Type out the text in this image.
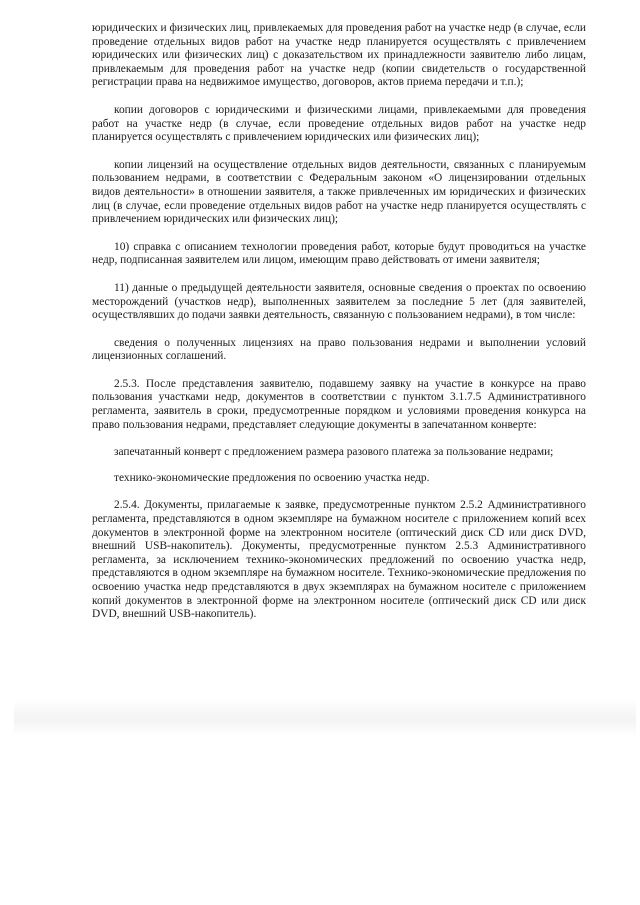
юридических и физических лиц, привлекаемых для проведения работ на участке недр (в случае, если проведение отдельных видов работ на участке недр планируется осуществлять с привлечением юридических или физических лиц) с доказательством их принадлежности заявителю либо лицам, привлекаемым для проведения работ на участке недр (копии свидетельств о государственной регистрации права на недвижимое имущество, договоров, актов приема передачи и т.п.);

копии договоров с юридическими и физическими лицами, привлекаемыми для проведения работ на участке недр (в случае, если проведение отдельных видов работ на участке недр планируется осуществлять с привлечением юридических или физических лиц);

копии лицензий на осуществление отдельных видов деятельности, связанных с планируемым пользованием недрами, в соответствии с Федеральным законом «О лицензировании отдельных видов деятельности» в отношении заявителя, а также привлеченных им юридических и физических лиц (в случае, если проведение отдельных видов работ на участке недр планируется осуществлять с привлечением юридических или физических лиц);

10) справка с описанием технологии проведения работ, которые будут проводиться на участке недр, подписанная заявителем или лицом, имеющим право действовать от имени заявителя;

11) данные о предыдущей деятельности заявителя, основные сведения о проектах по освоению месторождений (участков недр), выполненных заявителем за последние 5 лет (для заявителей, осуществлявших до подачи заявки деятельность, связанную с пользованием недрами), в том числе:

сведения о полученных лицензиях на право пользования недрами и выполнении условий лицензионных соглашений.

2.5.3. После представления заявителю, подавшему заявку на участие в конкурсе на право пользования участками недр, документов в соответствии с пунктом 3.1.7.5 Административного регламента, заявитель в сроки, предусмотренные порядком и условиями проведения конкурса на право пользования недрами, представляет следующие документы в запечатанном конверте:

запечатанный конверт с предложением размера разового платежа за пользование недрами;

технико-экономические предложения по освоению участка недр.

2.5.4. Документы, прилагаемые к заявке, предусмотренные пунктом 2.5.2 Административного регламента, представляются в одном экземпляре на бумажном носителе с приложением копий всех документов в электронной форме на электронном носителе (оптический диск CD или диск DVD, внешний USB-накопитель). Документы, предусмотренные пунктом 2.5.3 Административного регламента, за исключением технико-экономических предложений по освоению участка недр, представляются в одном экземпляре на бумажном носителе. Технико-экономические предложения по освоению участка недр представляются в двух экземплярах на бумажном носителе с приложением копий документов в электронной форме на электронном носителе (оптический диск CD или диск DVD, внешний USB-накопитель).
